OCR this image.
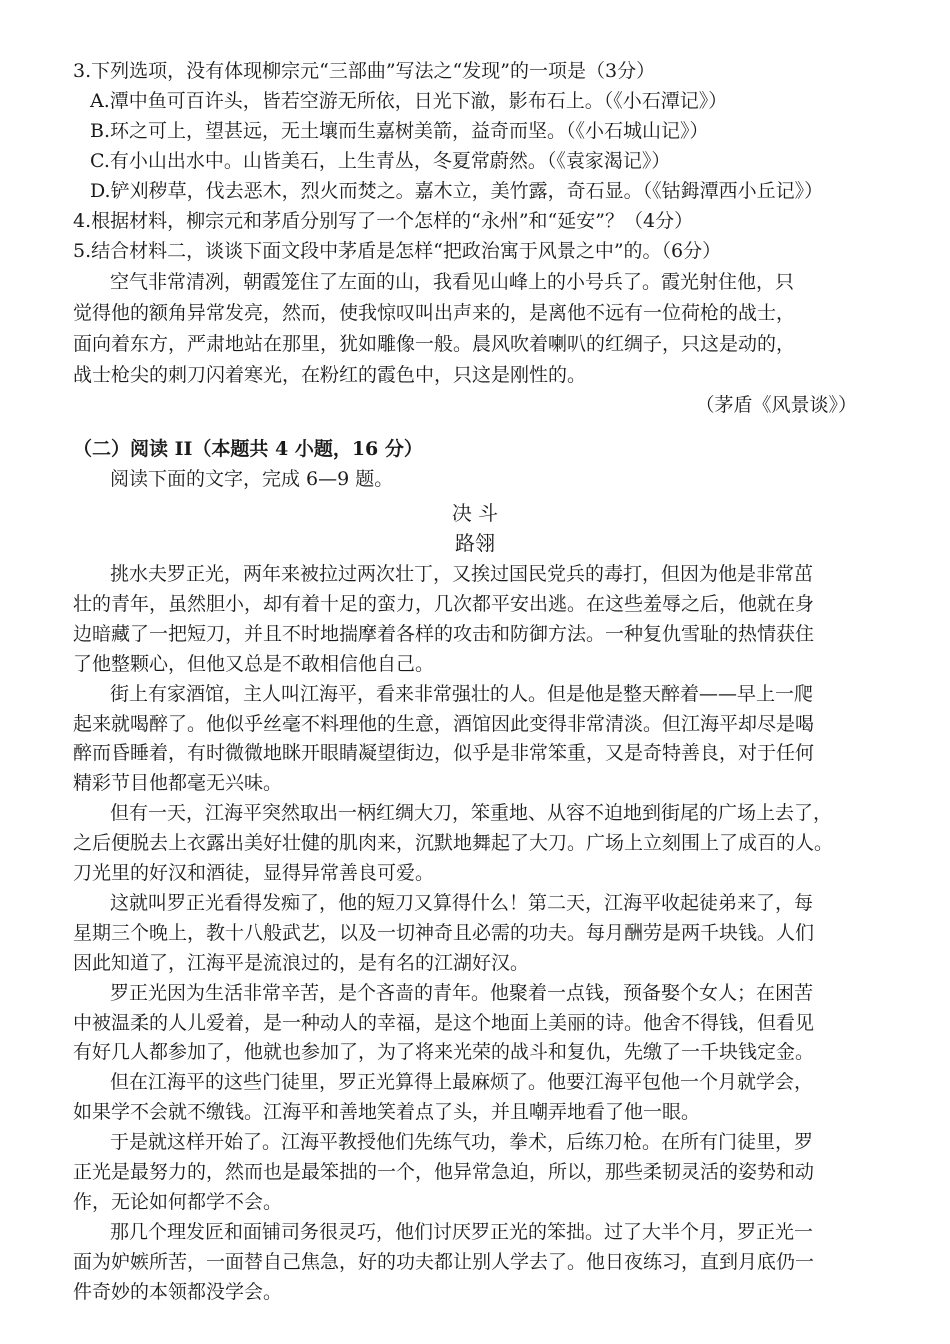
3.下列选项，没有体现柳宗元“三部曲”写法之“发现”的一项是（3分）
A.潭中鱼可百许头，皆若空游无所依，日光下澈，影布石上。（《小石潭记》）
B.环之可上，望甚远，无土壤而生嘉树美箭，益奇而坚。（《小石城山记》）
C.有小山出水中。山皆美石，上生青丛，冬夏常蔚然。（《袁家渴记》）
D.铲刈秽草，伐去恶木，烈火而焚之。嘉木立，美竹露，奇石显。（《钴鉧潭西小丘记》）
4.根据材料，柳宗元和茅盾分别写了一个怎样的“永州”和“延安”？（4分）
5.结合材料二，谈谈下面文段中茅盾是怎样“把政治寓于风景之中”的。（6分）
空气非常清冽，朝霞笼住了左面的山，我看见山峰上的小号兵了。霞光射住他，只
觉得他的额角异常发亮，然而，使我惊叹叫出声来的，是离他不远有一位荷枪的战士，
面向着东方，严肃地站在那里，犹如雕像一般。晨风吹着喇叭的红绸子，只这是动的，
战士枪尖的刺刀闪着寒光，在粉红的霞色中，只这是刚性的。
（茅盾《风景谈》）
（二）阅读 II（本题共 4 小题，16 分）
阅读下面的文字，完成 6—9 题。
决 斗
路翎
挑水夫罗正光，两年来被拉过两次壮丁，又挨过国民党兵的毒打，但因为他是非常茁
壮的青年，虽然胆小，却有着十足的蛮力，几次都平安出逃。在这些羞辱之后，他就在身
边暗藏了一把短刀，并且不时地揣摩着各样的攻击和防御方法。一种复仇雪耻的热情获住
了他整颗心，但他又总是不敢相信他自己。
街上有家酒馆，主人叫江海平，看来非常强壮的人。但是他是整天醉着——早上一爬
起来就喝醉了。他似乎丝毫不料理他的生意，酒馆因此变得非常清淡。但江海平却尽是喝
醉而昏睡着，有时微微地眯开眼睛凝望街边，似乎是非常笨重，又是奇特善良，对于任何
精彩节目他都毫无兴味。
但有一天，江海平突然取出一柄红绸大刀，笨重地、从容不迫地到街尾的广场上去了，
之后便脱去上衣露出美好壮健的肌肉来，沉默地舞起了大刀。广场上立刻围上了成百的人。
刀光里的好汉和酒徒，显得异常善良可爱。
这就叫罗正光看得发痴了，他的短刀又算得什么！第二天，江海平收起徒弟来了，每
星期三个晚上，教十八般武艺，以及一切神奇且必需的功夫。每月酬劳是两千块钱。人们
因此知道了，江海平是流浪过的，是有名的江湖好汉。
罗正光因为生活非常辛苦，是个吝啬的青年。他聚着一点钱，预备娶个女人；在困苦
中被温柔的人儿爱着，是一种动人的幸福，是这个地面上美丽的诗。他舍不得钱，但看见
有好几人都参加了，他就也参加了，为了将来光荣的战斗和复仇，先缴了一千块钱定金。
但在江海平的这些门徒里，罗正光算得上最麻烦了。他要江海平包他一个月就学会，
如果学不会就不缴钱。江海平和善地笑着点了头，并且嘲弄地看了他一眼。
于是就这样开始了。江海平教授他们先练气功，拳术，后练刀枪。在所有门徒里，罗
正光是最努力的，然而也是最笨拙的一个，他异常急迫，所以，那些柔韧灵活的姿势和动
作，无论如何都学不会。
那几个理发匠和面铺司务很灵巧，他们讨厌罗正光的笨拙。过了大半个月，罗正光一
面为妒嫉所苦，一面替自己焦急，好的功夫都让别人学去了。他日夜练习，直到月底仍一
件奇妙的本领都没学会。
